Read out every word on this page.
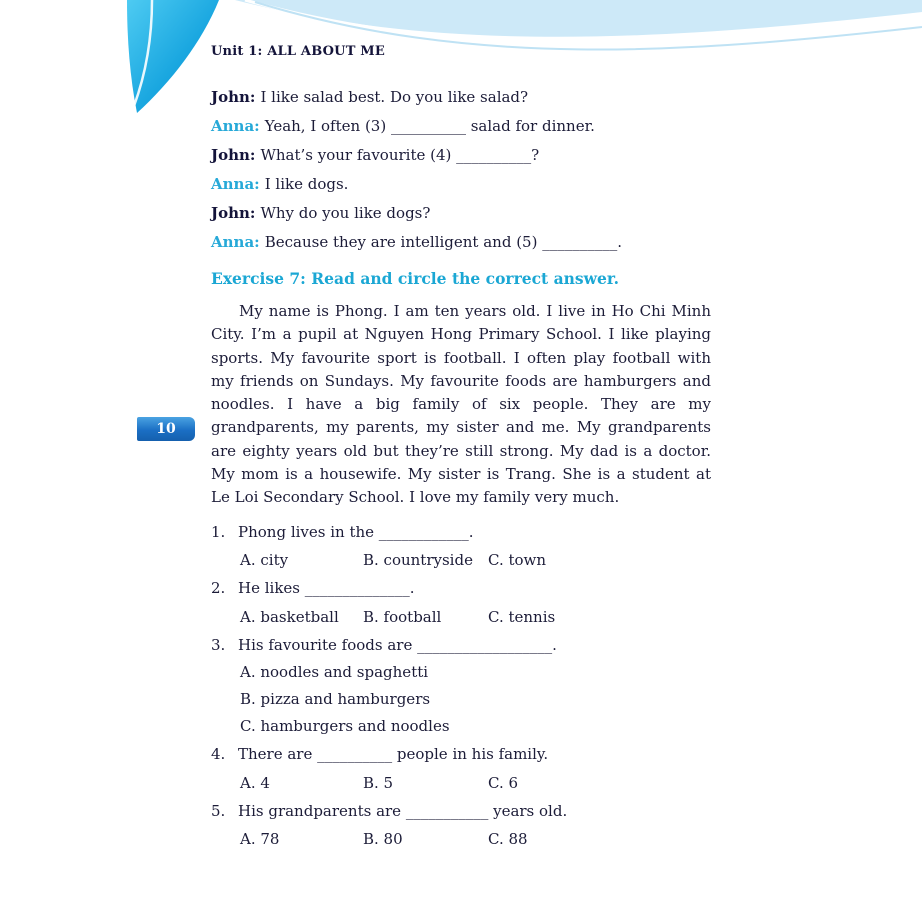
10
Unit 1: ALL ABOUT ME

John: I like salad best. Do you like salad?

Anna: Yeah, I often (3) __________ salad for dinner.

John: What’s your favourite (4) __________?

Anna: I like dogs.

John: Why do you like dogs?

Anna: Because they are intelligent and (5) __________.

Exercise 7: Read and circle the correct answer.
My name is Phong. I am ten years old. I live in Ho Chi Minh City. I’m a pupil at Nguyen Hong Primary School. I like playing sports. My favourite sport is football. I often play football with my friends on Sundays. My favourite foods are hamburgers and noodles. I have a big family of six people. They are my grandparents, my parents, my sister and me. My grandparents are eighty years old but they’re still strong. My dad is a doctor. My mom is a housewife. My sister is Trang. She is a student at Le Loi Secondary School. I love my family very much.
1. Phong lives in the ____________.
A. city	B. countryside C. town
2. He likes ______________.
A. basketball B. football	C. tennis
3. His favourite foods are __________________.
A. noodles and spaghetti
B. pizza and hamburgers
C. hamburgers and noodles
4. There are __________ people in his family.
A. 4	B. 5	C. 6
5. His grandparents are ___________ years old.
A. 78	B. 80	C. 88
